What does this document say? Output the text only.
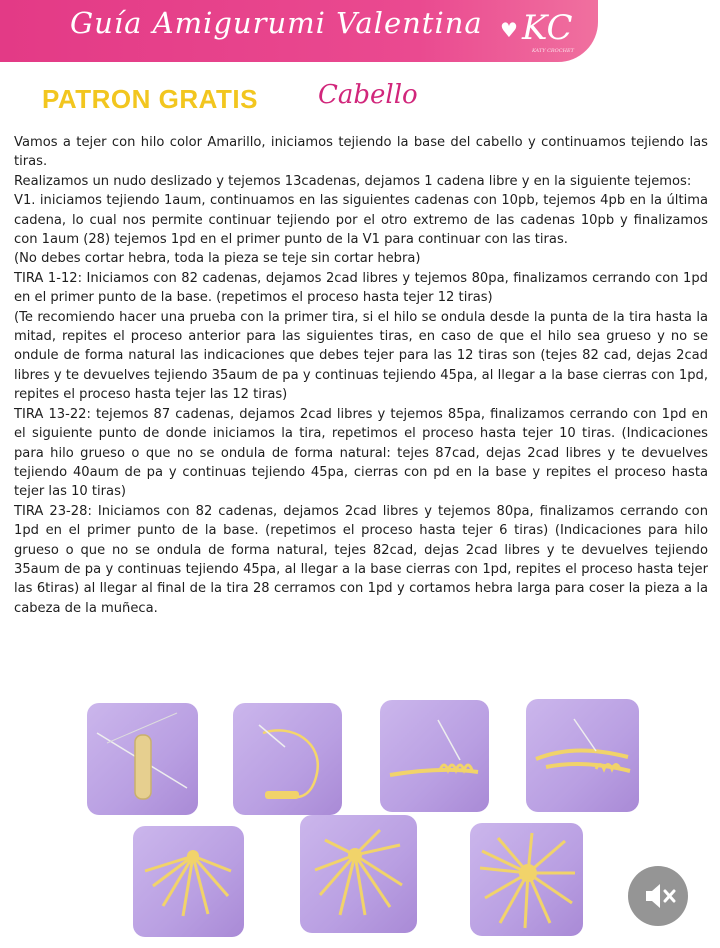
Guía Amigurumi Valentina ♥ KC
KATY CROCHET
PATRON GRATIS Cabello

Vamos a tejer con hilo color Amarillo, iniciamos tejiendo la base del cabello y continuamos tejiendo las tiras.

Realizamos un nudo deslizado y tejemos 13cadenas, dejamos 1 cadena libre y en la siguiente tejemos:

V1. iniciamos tejiendo 1aum, continuamos en las siguientes cadenas con 10pb, tejemos 4pb en la última cadena, lo cual nos permite continuar tejiendo por el otro extremo de las cadenas 10pb y finalizamos con 1aum (28) tejemos 1pd en el primer punto de la V1 para continuar con las tiras.

(No debes cortar hebra, toda la pieza se teje sin cortar hebra)

TIRA 1-12: Iniciamos con 82 cadenas, dejamos 2cad libres y tejemos 80pa, finalizamos cerrando con 1pd en el primer punto de la base. (repetimos el proceso hasta tejer 12 tiras)

(Te recomiendo hacer una prueba con la primer tira, si el hilo se ondula desde la punta de la tira hasta la mitad, repites el proceso anterior para las siguientes tiras, en caso de que el hilo sea grueso y no se ondule de forma natural las indicaciones que debes tejer para las 12 tiras son (tejes 82 cad, dejas 2cad libres y te devuelves tejiendo 35aum de pa y continuas tejiendo 45pa, al llegar a la base cierras con 1pd, repites el proceso hasta tejer las 12 tiras)

TIRA 13-22: tejemos 87 cadenas, dejamos 2cad libres y tejemos 85pa, finalizamos cerrando con 1pd en el siguiente punto de donde iniciamos la tira, repetimos el proceso hasta tejer 10 tiras. (Indicaciones para hilo grueso o que no se ondula de forma natural: tejes 87cad, dejas 2cad libres y te devuelves tejiendo 40aum de pa y continuas tejiendo 45pa, cierras con pd en la base y repites el proceso hasta tejer las 10 tiras)

TIRA 23-28: Iniciamos con 82 cadenas, dejamos 2cad libres y tejemos 80pa, finalizamos cerrando con 1pd en el primer punto de la base. (repetimos el proceso hasta tejer 6 tiras) (Indicaciones para hilo grueso o que no se ondula de forma natural, tejes 82cad, dejas 2cad libres y te devuelves tejiendo 35aum de pa y continuas tejiendo 45pa, al llegar a la base cierras con 1pd, repites el proceso hasta tejer las 6tiras) al llegar al final de la tira 28 cerramos con 1pd y cortamos hebra larga para coser la pieza a la cabeza de la muñeca.
